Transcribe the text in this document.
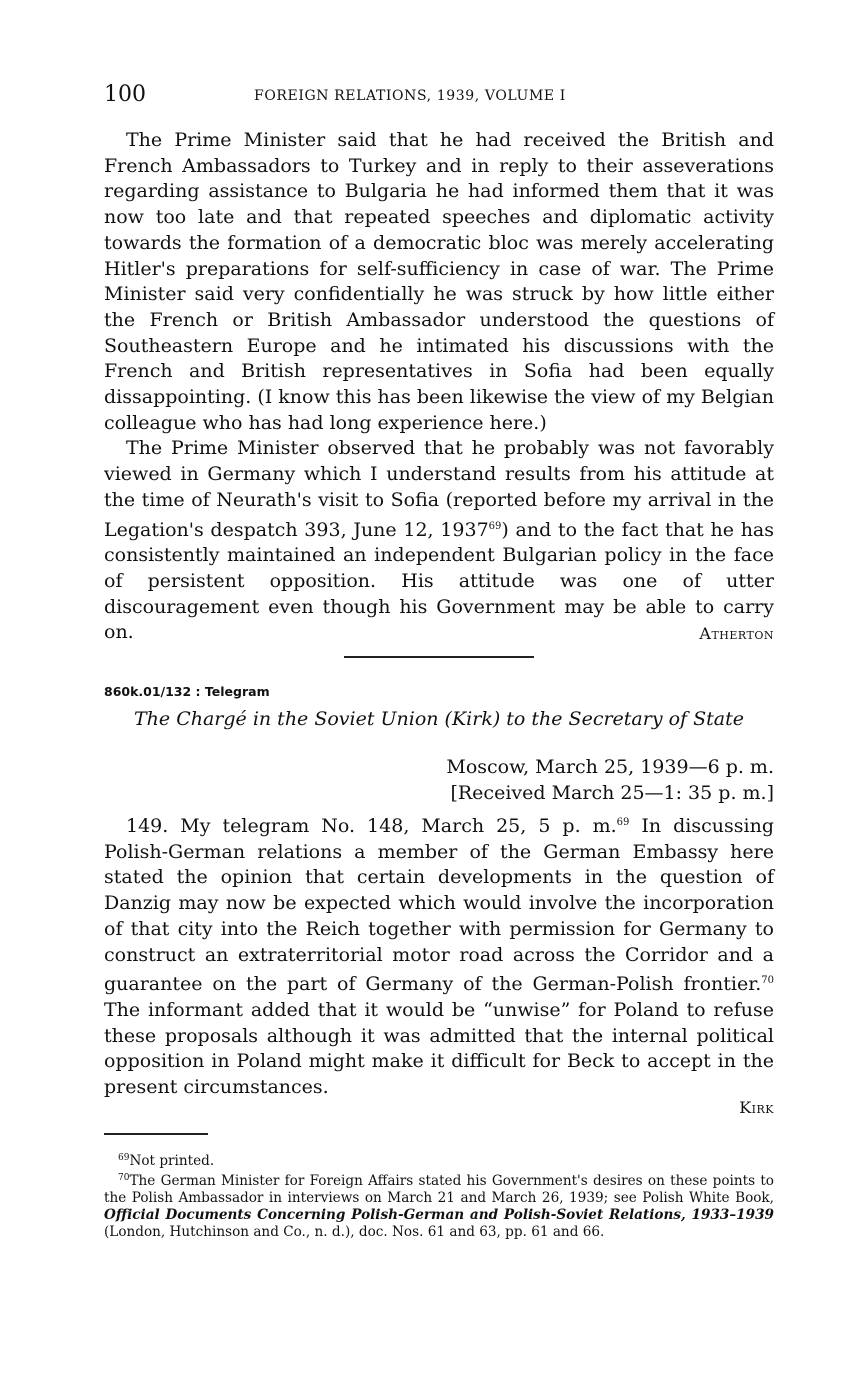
100	FOREIGN RELATIONS, 1939, VOLUME I

The Prime Minister said that he had received the British and French Ambassadors to Turkey and in reply to their asseverations regarding assistance to Bulgaria he had informed them that it was now too late and that repeated speeches and diplomatic activity towards the formation of a democratic bloc was merely accelerating Hitler's preparations for self-sufficiency in case of war. The Prime Minister said very confidentially he was struck by how little either the French or British Ambassador understood the questions of Southeastern Europe and he intimated his discussions with the French and British representatives in Sofia had been equally dissappointing. (I know this has been likewise the view of my Belgian colleague who has had long experience here.)

The Prime Minister observed that he probably was not favorably viewed in Germany which I understand results from his attitude at the time of Neurath's visit to Sofia (reported before my arrival in the Legation's despatch 393, June 12, 1937$^{69}$) and to the fact that he has consistently maintained an independent Bulgarian policy in the face of persistent opposition. His attitude was one of utter discouragement even though his Government may be able to carry on.	Atherton
860k.01/132 : Telegram
The Chargé in the Soviet Union (Kirk) to the Secretary of State
Moscow, March 25, 1939—6 p. m.
[Received March 25—1: 35 p. m.]

149. My telegram No. 148, March 25, 5 p. m.$^{69}$ In discussing Polish-German relations a member of the German Embassy here stated the opinion that certain developments in the question of Danzig may now be expected which would involve the incorporation of that city into the Reich together with permission for Germany to construct an extraterritorial motor road across the Corridor and a guarantee on the part of Germany of the German-Polish frontier.$^{70}$ The informant added that it would be “unwise” for Poland to refuse these proposals although it was admitted that the internal political opposition in Poland might make it difficult for Beck to accept in the present circumstances.

Kirk

$^{69}$Not printed.

$^{70}$The German Minister for Foreign Affairs stated his Government's desires on these points to the Polish Ambassador in interviews on March 21 and March 26, 1939; see Polish White Book, Official Documents Concerning Polish-German and Polish-Soviet Relations, 1933–1939 (London, Hutchinson and Co., n. d.), doc. Nos. 61 and 63, pp. 61 and 66.
